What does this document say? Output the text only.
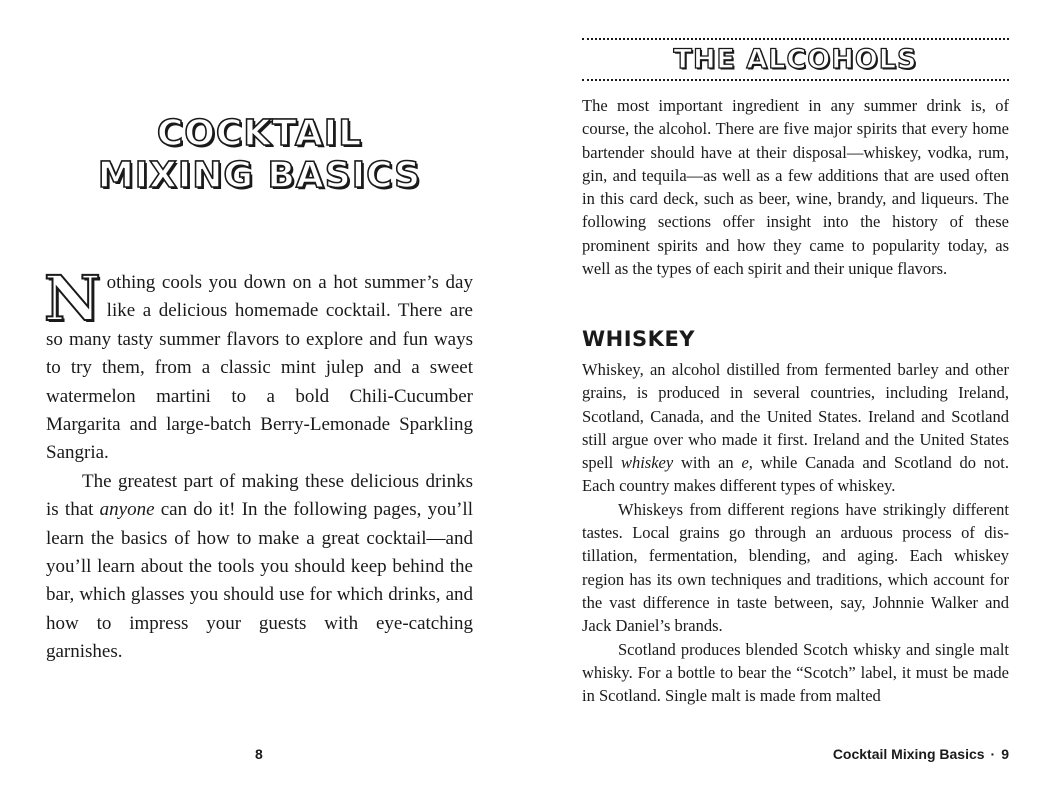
COCKTAIL
MIXING BASICS

Nothing cools you down on a hot summer’s day like a delicious homemade cocktail. There are so many tasty summer flavors to explore and fun ways to try them, from a classic mint julep and a sweet watermelon martini to a bold Chili-Cucumber Margarita and large-batch Berry-Lemonade Sparkling Sangria.

The greatest part of making these delicious drinks is that anyone can do it! In the following pages, you’ll learn the basics of how to make a great cocktail—and you’ll learn about the tools you should keep behind the bar, which glasses you should use for which drinks, and how to impress your guests with eye-catching garnishes.

8
THE ALCOHOLS

The most important ingredient in any summer drink is, of course, the alcohol. There are five major spirits that every home bartender should have at their disposal—whiskey, vodka, rum, gin, and tequila—as well as a few additions that are used often in this card deck, such as beer, wine, brandy, and liqueurs. The following sections offer insight into the history of these prominent spirits and how they came to popularity today, as well as the types of each spirit and their unique flavors.

WHISKEY

Whiskey, an alcohol distilled from fermented barley and other grains, is produced in several countries, including Ireland, Scotland, Canada, and the United States. Ireland and Scotland still argue over who made it first. Ireland and the United States spell whiskey with an e, while Canada and Scotland do not. Each country makes different types of whiskey.

Whiskeys from different regions have strikingly different tastes. Local grains go through an arduous process of distillation, fermentation, blending, and aging. Each whiskey region has its own techniques and traditions, which account for the vast difference in taste between, say, Johnnie Walker and Jack Daniel’s brands.

Scotland produces blended Scotch whisky and single malt whisky. For a bottle to bear the “Scotch” label, it must be made in Scotland. Single malt is made from malted

Cocktail Mixing Basics · 9
